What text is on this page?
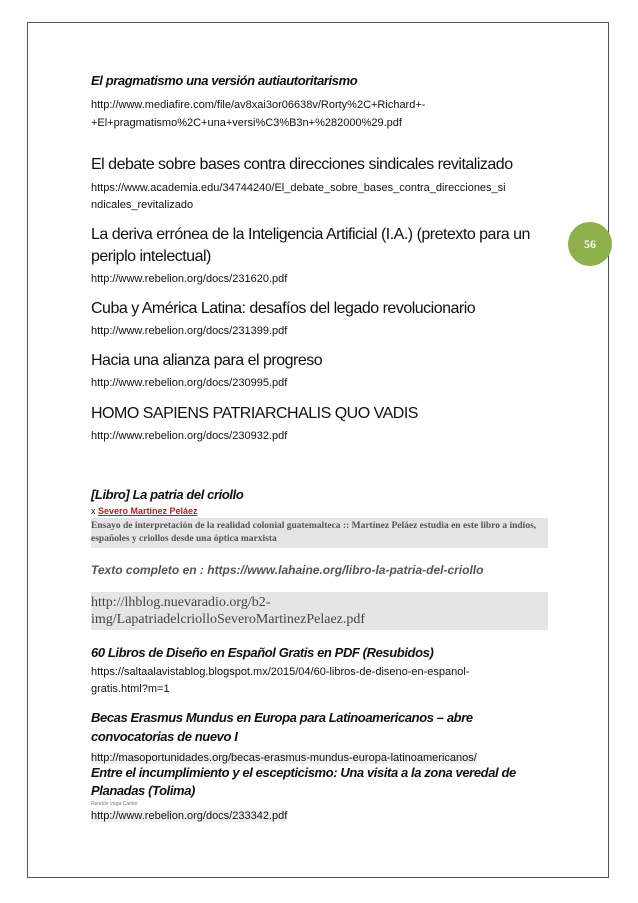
56
El pragmatismo una versión autiautoritarismo
http://www.mediafire.com/file/av8xai3or06638v/Rorty%2C+Richard+-
+El+pragmatismo%2C+una+versi%C3%B3n+%282000%29.pdf
El debate sobre bases contra direcciones sindicales revitalizado
https://www.academia.edu/34744240/El_debate_sobre_bases_contra_direcciones_si
ndicales_revitalizado
La deriva errónea de la Inteligencia Artificial (I.A.) (pretexto para un
periplo intelectual)
http://www.rebelion.org/docs/231620.pdf
Cuba y América Latina: desafíos del legado revolucionario
http://www.rebelion.org/docs/231399.pdf
Hacia una alianza para el progreso
http://www.rebelion.org/docs/230995.pdf
HOMO SAPIENS PATRIARCHALIS QUO VADIS
http://www.rebelion.org/docs/230932.pdf
[Libro] La patria del criollo
x Severo Martínez Peláez
Ensayo de interpretación de la realidad colonial guatemalteca :: Martínez Peláez estudia en este libro a indios, españoles y criollos desde una óptica marxista
Texto completo en : https://www.lahaine.org/libro-la-patria-del-criollo
http://lhblog.nuevaradio.org/b2-
img/LapatriadelcriolloSeveroMartinezPelaez.pdf
60 Libros de Diseño en Español Gratis en PDF (Resubidos)
https://saltaalavistablog.blogspot.mx/2015/04/60-libros-de-diseno-en-espanol-
gratis.html?m=1
Becas Erasmus Mundus en Europa para Latinoamericanos – abre
convocatorias de nuevo I
http://masoportunidades.org/becas-erasmus-mundus-europa-latinoamericanos/
Entre el incumplimiento y el escepticismo: Una visita a la zona veredal de
Planadas (Tolima)
Rendón Vega Cantor
http://www.rebelion.org/docs/233342.pdf
